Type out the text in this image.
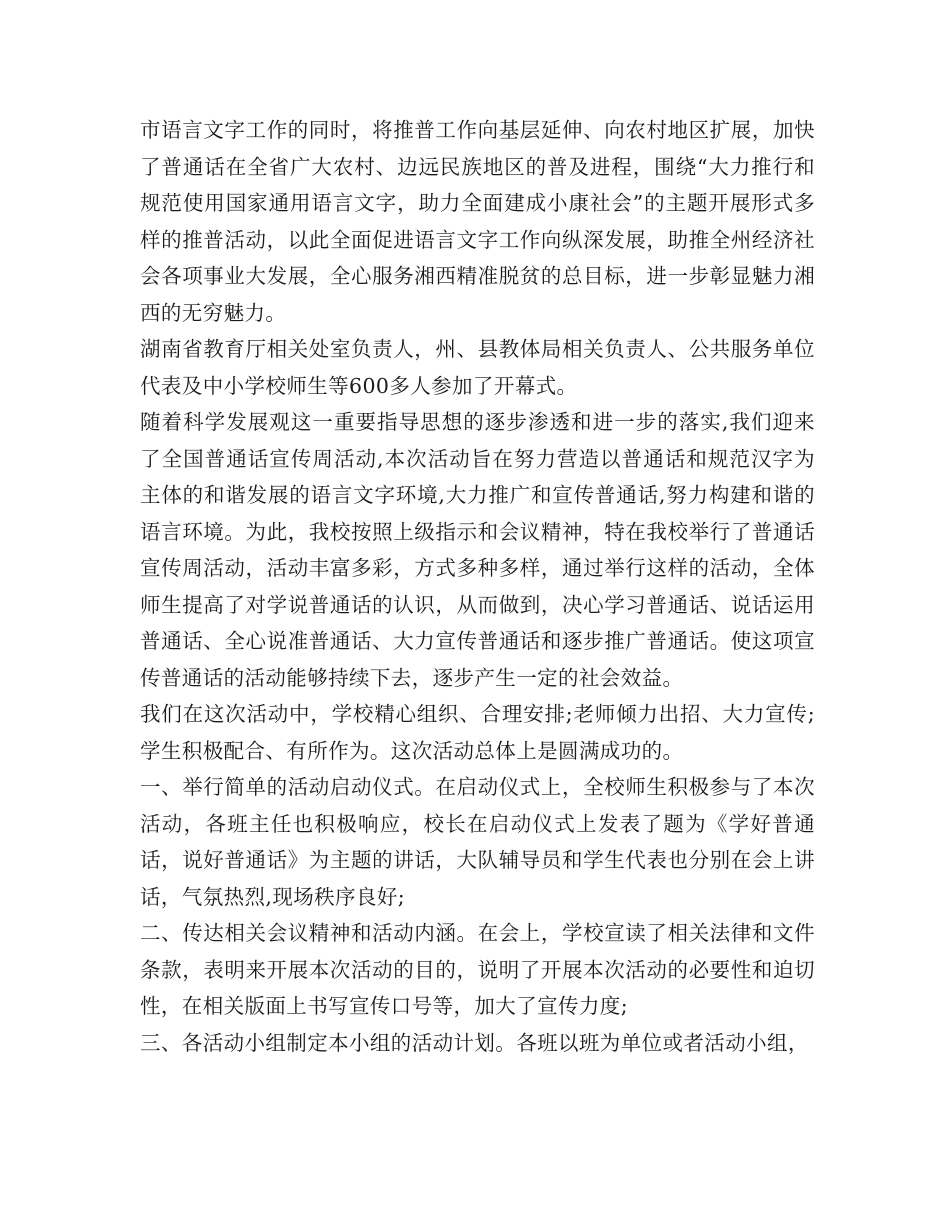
市语言文字工作的同时，将推普工作向基层延伸、向农村地区扩展，加快了普通话在全省广大农村、边远民族地区的普及进程，围绕“大力推行和规范使用国家通用语言文字，助力全面建成小康社会”的主题开展形式多样的推普活动，以此全面促进语言文字工作向纵深发展，助推全州经济社会各项事业大发展，全心服务湘西精准脱贫的总目标，进一步彰显魅力湘西的无穷魅力。

湖南省教育厅相关处室负责人，州、县教体局相关负责人、公共服务单位代表及中小学校师生等600多人参加了开幕式。

随着科学发展观这一重要指导思想的逐步渗透和进一步的落实,我们迎来了全国普通话宣传周活动,本次活动旨在努力营造以普通话和规范汉字为主体的和谐发展的语言文字环境,大力推广和宣传普通话,努力构建和谐的语言环境。为此，我校按照上级指示和会议精神，特在我校举行了普通话宣传周活动，活动丰富多彩，方式多种多样，通过举行这样的活动，全体师生提高了对学说普通话的认识，从而做到，决心学习普通话、说话运用普通话、全心说准普通话、大力宣传普通话和逐步推广普通话。使这项宣传普通话的活动能够持续下去，逐步产生一定的社会效益。

我们在这次活动中，学校精心组织、合理安排;老师倾力出招、大力宣传;学生积极配合、有所作为。这次活动总体上是圆满成功的。

一、举行简单的活动启动仪式。在启动仪式上，全校师生积极参与了本次活动，各班主任也积极响应，校长在启动仪式上发表了题为《学好普通话，说好普通话》为主题的讲话，大队辅导员和学生代表也分别在会上讲话，气氛热烈,现场秩序良好;

二、传达相关会议精神和活动内涵。在会上，学校宣读了相关法律和文件条款，表明来开展本次活动的目的，说明了开展本次活动的必要性和迫切性，在相关版面上书写宣传口号等，加大了宣传力度;

三、各活动小组制定本小组的活动计划。各班以班为单位或者活动小组，
